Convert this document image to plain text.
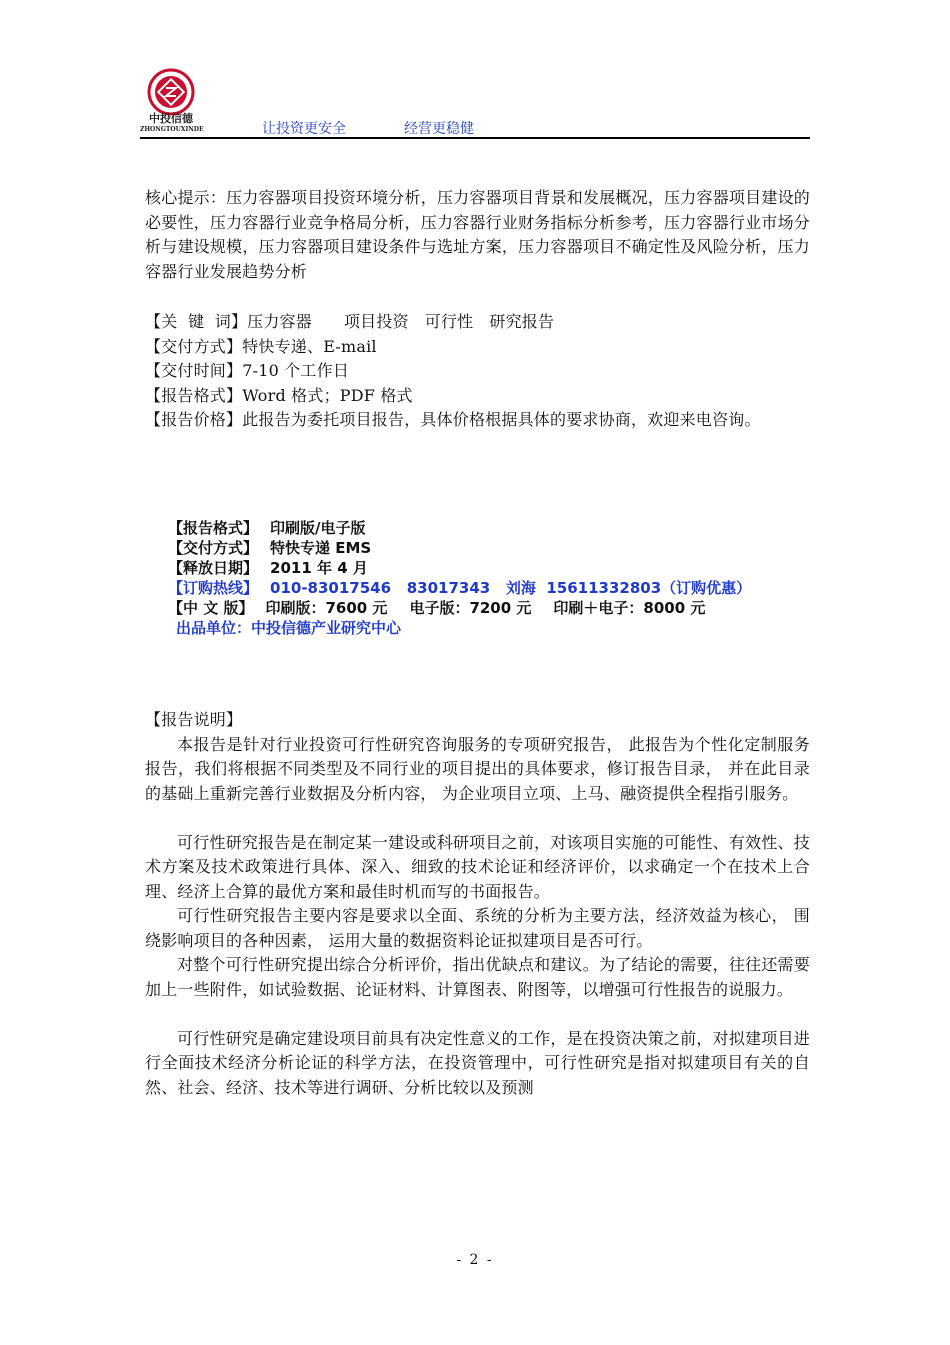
中投信德
ZHONGTOUXINDE	让投资更安全	经营更稳健

核心提示：压力容器项目投资环境分析，压力容器项目背景和发展概况，压力容器项目建设的必要性，压力容器行业竞争格局分析，压力容器行业财务指标分析参考，压力容器行业市场分析与建设规模，压力容器项目建设条件与选址方案，压力容器项目不确定性及风险分析，压力容器行业发展趋势分析

【关  键  词】压力容器 项目投资 可行性 研究报告
【交付方式】特快专递、E-mail
【交付时间】7-10 个工作日
【报告格式】Word 格式；PDF 格式

【报告价格】此报告为委托项目报告，具体价格根据具体的要求协商，欢迎来电咨询。

【报告格式】 印刷版/电子版
【交付方式】 特快专递 EMS
【释放日期】 2011 年 4 月
【订购热线】 010-83017546   83017343   刘海  15611332803（订购优惠）
【中 文 版】 印刷版：7600 元 电子版：7200 元 印刷＋电子：8000 元
出品单位：中投信德产业研究中心

【报告说明】

本报告是针对行业投资可行性研究咨询服务的专项研究报告， 此报告为个性化定制服务报告，我们将根据不同类型及不同行业的项目提出的具体要求，修订报告目录， 并在此目录的基础上重新完善行业数据及分析内容， 为企业项目立项、上马、融资提供全程指引服务。

可行性研究报告是在制定某一建设或科研项目之前，对该项目实施的可能性、有效性、技术方案及技术政策进行具体、深入、细致的技术论证和经济评价，以求确定一个在技术上合理、经济上合算的最优方案和最佳时机而写的书面报告。

可行性研究报告主要内容是要求以全面、系统的分析为主要方法，经济效益为核心， 围绕影响项目的各种因素， 运用大量的数据资料论证拟建项目是否可行。

对整个可行性研究提出综合分析评价，指出优缺点和建议。为了结论的需要，往往还需要加上一些附件，如试验数据、论证材料、计算图表、附图等，以增强可行性报告的说服力。

可行性研究是确定建设项目前具有决定性意义的工作，是在投资决策之前，对拟建项目进行全面技术经济分析论证的科学方法，在投资管理中，可行性研究是指对拟建项目有关的自然、社会、经济、技术等进行调研、分析比较以及预测

- 2 -
